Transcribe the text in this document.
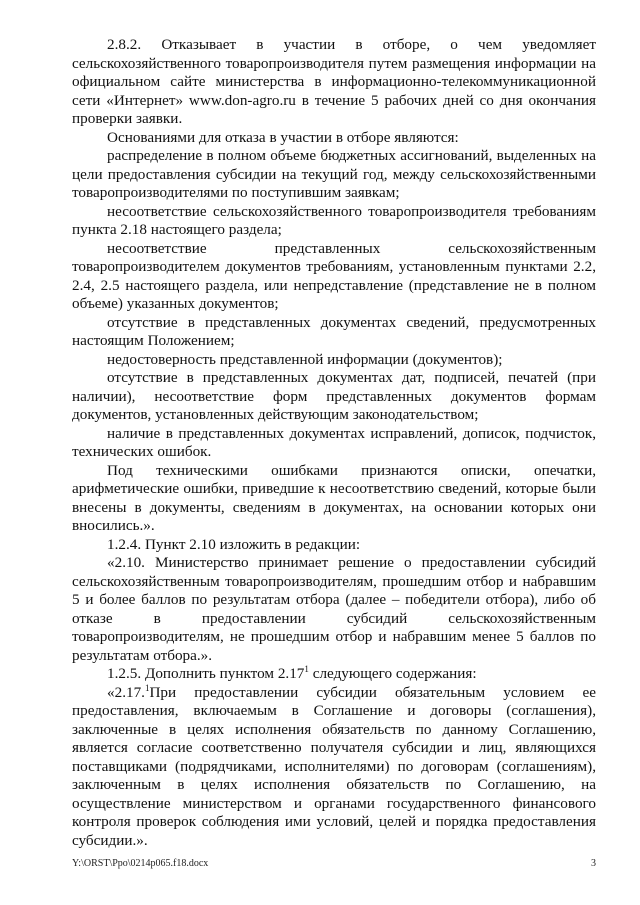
2.8.2. Отказывает в участии в отборе, о чем уведомляет сельскохозяйственного товаропроизводителя путем размещения информации на официальном сайте министерства в информационно-телекоммуникационной сети «Интернет» www.don-agro.ru в течение 5 рабочих дней со дня окончания проверки заявки.

Основаниями для отказа в участии в отборе являются:

распределение в полном объеме бюджетных ассигнований, выделенных на цели предоставления субсидии на текущий год, между сельскохозяйственными товаропроизводителями по поступившим заявкам;

несоответствие сельскохозяйственного товаропроизводителя требованиям пункта 2.18 настоящего раздела;

несоответствие представленных сельскохозяйственным товаропроизводителем документов требованиям, установленным пунктами 2.2, 2.4, 2.5 настоящего раздела, или непредставление (представление не в полном объеме) указанных документов;

отсутствие в представленных документах сведений, предусмотренных настоящим Положением;

недостоверность представленной информации (документов);

отсутствие в представленных документах дат, подписей, печатей (при наличии), несоответствие форм представленных документов формам документов, установленных действующим законодательством;

наличие в представленных документах исправлений, дописок, подчисток, технических ошибок.

Под техническими ошибками признаются описки, опечатки, арифметические ошибки, приведшие к несоответствию сведений, которые были внесены в документы, сведениям в документах, на основании которых они вносились.».

1.2.4. Пункт 2.10 изложить в редакции:

«2.10. Министерство принимает решение о предоставлении субсидий сельскохозяйственным товаропроизводителям, прошедшим отбор и набравшим 5 и более баллов по результатам отбора (далее – победители отбора), либо об отказе в предоставлении субсидий сельскохозяйственным товаропроизводителям, не прошедшим отбор и набравшим менее 5 баллов по результатам отбора.».

1.2.5. Дополнить пунктом 2.17$^1$ следующего содержания:

«2.17.$^1$При предоставлении субсидии обязательным условием ее предоставления, включаемым в Соглашение и договоры (соглашения), заключенные в целях исполнения обязательств по данному Соглашению, является согласие соответственно получателя субсидии и лиц, являющихся поставщиками (подрядчиками, исполнителями) по договорам (соглашениям), заключенным в целях исполнения обязательств по Соглашению, на осуществление министерством и органами государственного финансового контроля проверок соблюдения ими условий, целей и порядка предоставления субсидии.».

Y:\ORST\Ppo\0214p065.f18.docx	3
